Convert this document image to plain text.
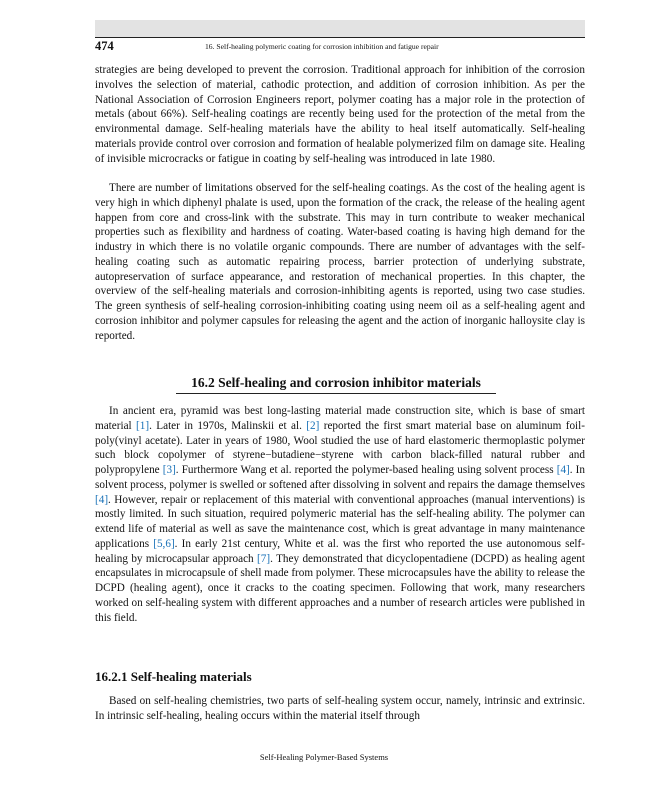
474	16. Self-healing polymeric coating for corrosion inhibition and fatigue repair

strategies are being developed to prevent the corrosion. Traditional approach for inhibition of the corrosion involves the selection of material, cathodic protection, and addition of corrosion inhibition. As per the National Association of Corrosion Engineers report, polymer coating has a major role in the protection of metals (about 66%). Self-healing coatings are recently being used for the protection of the metal from the environmental damage. Self-healing materials have the ability to heal itself automatically. Self-healing materials provide control over corrosion and formation of healable polymerized film on damage site. Healing of invisible microcracks or fatigue in coating by self-healing was introduced in late 1980.

There are number of limitations observed for the self-healing coatings. As the cost of the healing agent is very high in which diphenyl phalate is used, upon the formation of the crack, the release of the healing agent happen from core and cross-link with the substrate. This may in turn contribute to weaker mechanical properties such as flexibility and hardness of coating. Water-based coating is having high demand for the industry in which there is no volatile organic compounds. There are number of advantages with the self-healing coating such as automatic repairing process, barrier protection of underlying substrate, autopreservation of surface appearance, and restoration of mechanical properties. In this chapter, the overview of the self-healing materials and corrosion-inhibiting agents is reported, using two case studies. The green synthesis of self-healing corrosion-inhibiting coating using neem oil as a self-healing agent and corrosion inhibitor and polymer capsules for releasing the agent and the action of inorganic halloysite clay is reported.

16.2 Self-healing and corrosion inhibitor materials

In ancient era, pyramid was best long-lasting material made construction site, which is base of smart material [1]. Later in 1970s, Malinskii et al. [2] reported the first smart material base on aluminum foil-poly(vinyl acetate). Later in years of 1980, Wool studied the use of hard elastomeric thermoplastic polymer such block copolymer of styrene−butadiene−styrene with carbon black-filled natural rubber and polypropylene [3]. Furthermore Wang et al. reported the polymer-based healing using solvent process [4]. In solvent process, polymer is swelled or softened after dissolving in solvent and repairs the damage themselves [4]. However, repair or replacement of this material with conventional approaches (manual interventions) is mostly limited. In such situation, required polymeric material has the self-healing ability. The polymer can extend life of material as well as save the maintenance cost, which is great advantage in many maintenance applications [5,6]. In early 21st century, White et al. was the first who reported the use autonomous self-healing by microcapsular approach [7]. They demonstrated that dicyclopentadiene (DCPD) as healing agent encapsulates in microcapsule of shell made from polymer. These microcapsules have the ability to release the DCPD (healing agent), once it cracks to the coating specimen. Following that work, many researchers worked on self-healing system with different approaches and a number of research articles were published in this field.

16.2.1 Self-healing materials

Based on self-healing chemistries, two parts of self-healing system occur, namely, intrinsic and extrinsic. In intrinsic self-healing, healing occurs within the material itself through

Self-Healing Polymer-Based Systems
